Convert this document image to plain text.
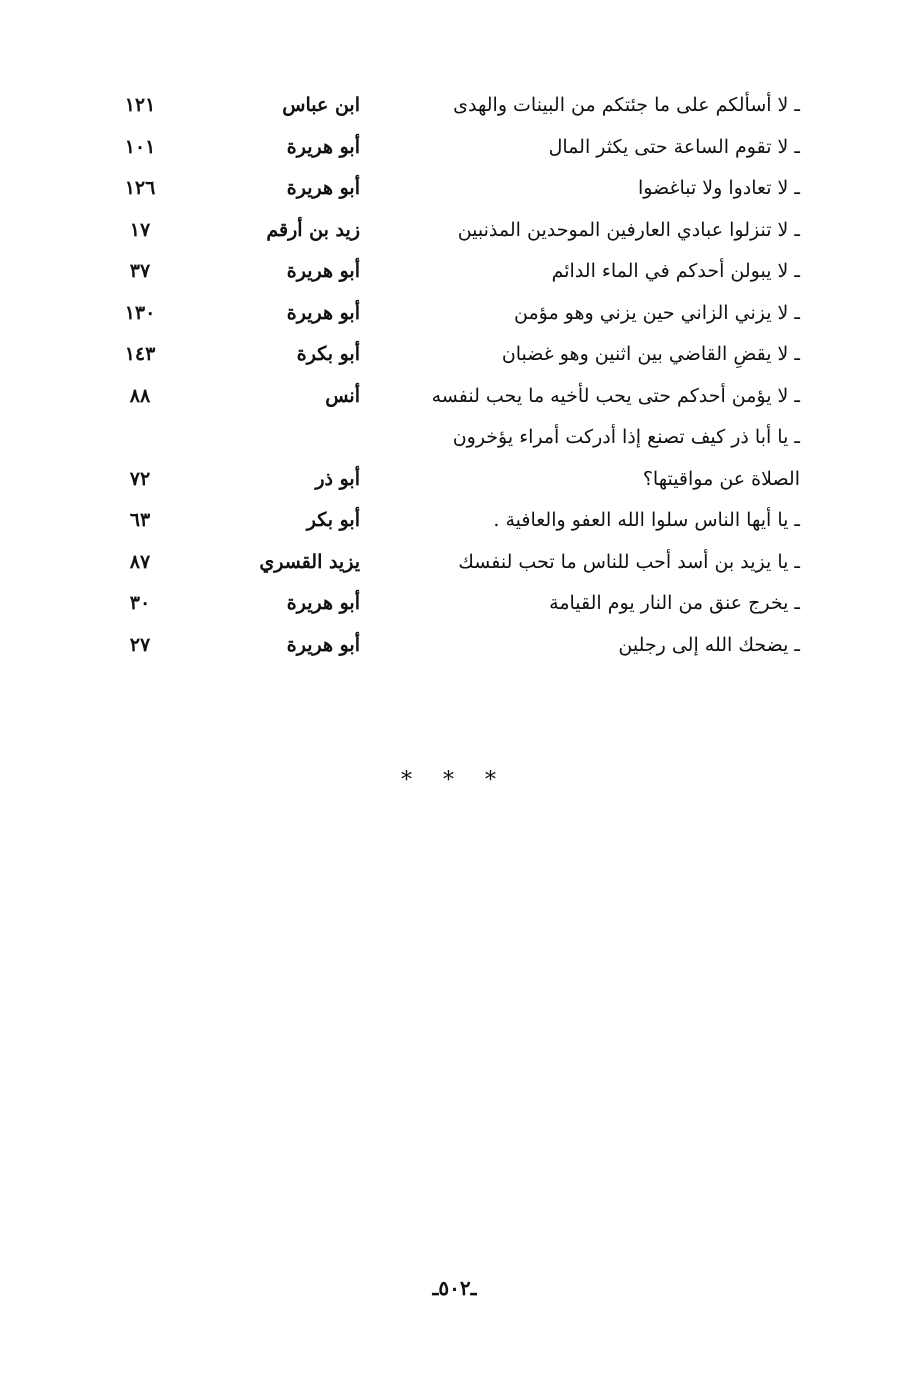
ـ لا أسألكم على ما جئتكم من البينات والهدى
ابن عباس
١٢١
ـ لا تقوم الساعة حتى يكثر المال
أبو هريرة
١٠١
ـ لا تعادوا ولا تباغضوا
أبو هريرة
١٢٦
ـ لا تنزلوا عبادي العارفين الموحدين المذنبين
زيد بن أرقم
١٧
ـ لا يبولن أحدكم في الماء الدائم
أبو هريرة
٣٧
ـ لا يزني الزاني حين يزني وهو مؤمن
أبو هريرة
١٣٠
ـ لا يقضِ القاضي بين اثنين وهو غضبان
أبو بكرة
١٤٣
ـ لا يؤمن أحدكم حتى يحب لأخيه ما يحب لنفسه
أنس
٨٨
ـ يا أبا ذر كيف تصنع إذا أدركت أمراء يؤخرون
الصلاة عن مواقيتها؟
أبو ذر
٧٢
ـ يا أيها الناس سلوا الله العفو والعافية .
أبو بكر
٦٣
ـ يا يزيد بن أسد أحب للناس ما تحب لنفسك
يزيد القسري
٨٧
ـ يخرج عنق من النار يوم القيامة
أبو هريرة
٣٠
ـ يضحك الله إلى رجلين
أبو هريرة
٢٧
* * *
ـ٥٠٢ـ
